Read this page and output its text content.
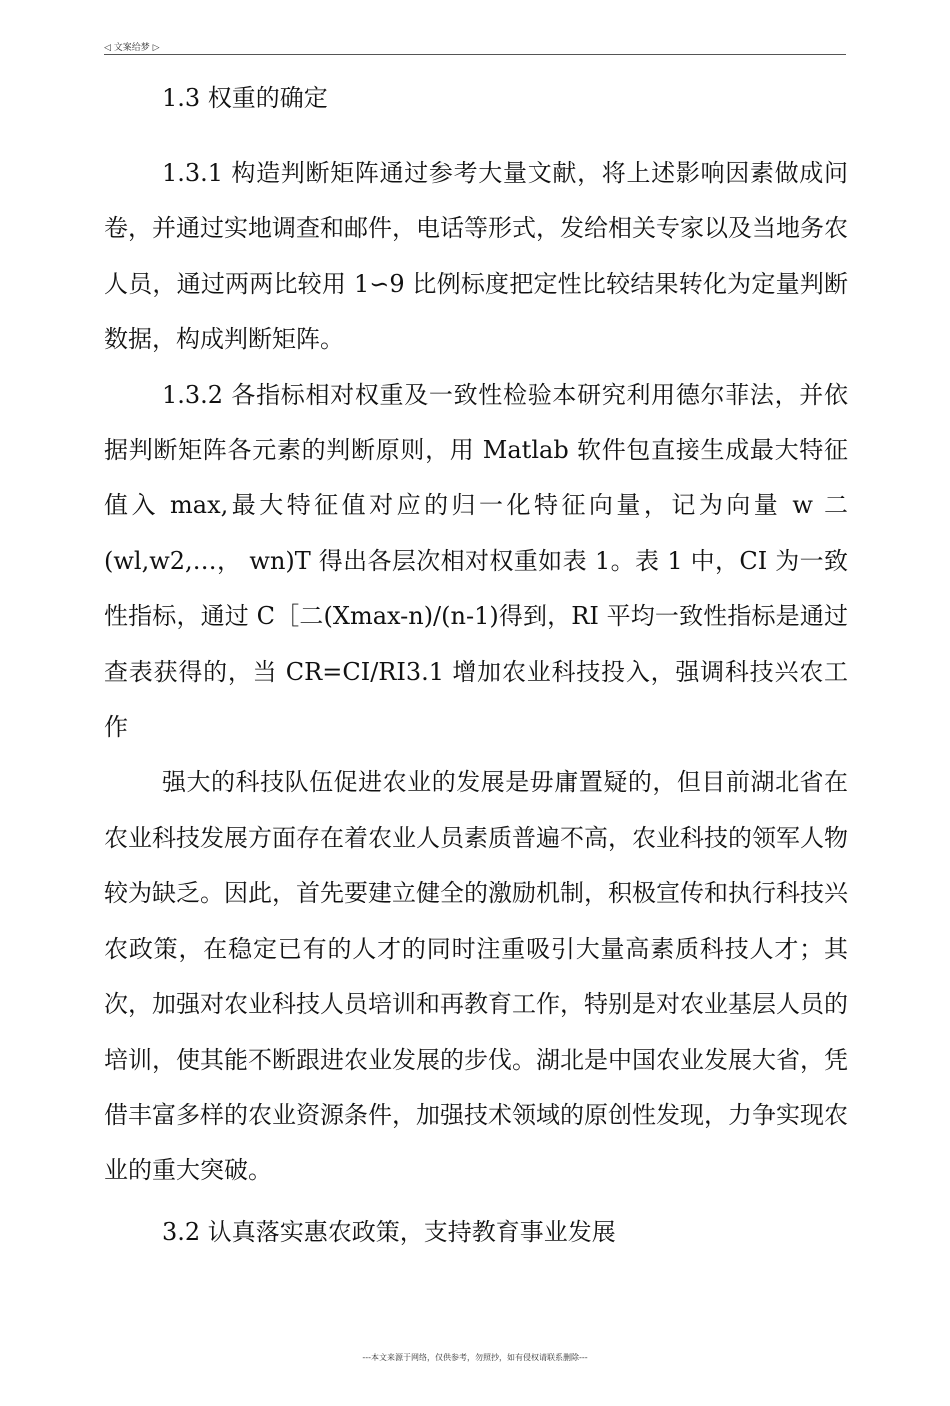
◁ 文案给梦 ▷

1.3 权重的确定

1.3.1 构造判断矩阵通过参考大量文献，将上述影响因素做成问卷，并通过实地调查和邮件，电话等形式，发给相关专家以及当地务农人员，通过两两比较用 1∽9 比例标度把定性比较结果转化为定量判断数据，构成判断矩阵。

1.3.2 各指标相对权重及一致性检验本研究利用德尔菲法，并依据判断矩阵各元素的判断原则，用 Matlab 软件包直接生成最大特征值入 max,最大特征值对应的归一化特征向量，记为向量 w 二(wl,w2,…， wn)T 得出各层次相对权重如表 1。表 1 中，CI 为一致性指标，通过 C［二(Xmax-n)/(n-1)得到，RI 平均一致性指标是通过查表获得的，当 CR=CI/RI3.1 增加农业科技投入，强调科技兴农工作

强大的科技队伍促进农业的发展是毋庸置疑的，但目前湖北省在农业科技发展方面存在着农业人员素质普遍不高，农业科技的领军人物较为缺乏。因此，首先要建立健全的激励机制，积极宣传和执行科技兴农政策，在稳定已有的人才的同时注重吸引大量高素质科技人才；其次，加强对农业科技人员培训和再教育工作，特别是对农业基层人员的培训，使其能不断跟进农业发展的步伐。湖北是中国农业发展大省，凭借丰富多样的农业资源条件，加强技术领域的原创性发现，力争实现农业的重大突破。

3.2 认真落实惠农政策，支持教育事业发展

---本文来源于网络，仅供参考，勿照抄，如有侵权请联系删除---
